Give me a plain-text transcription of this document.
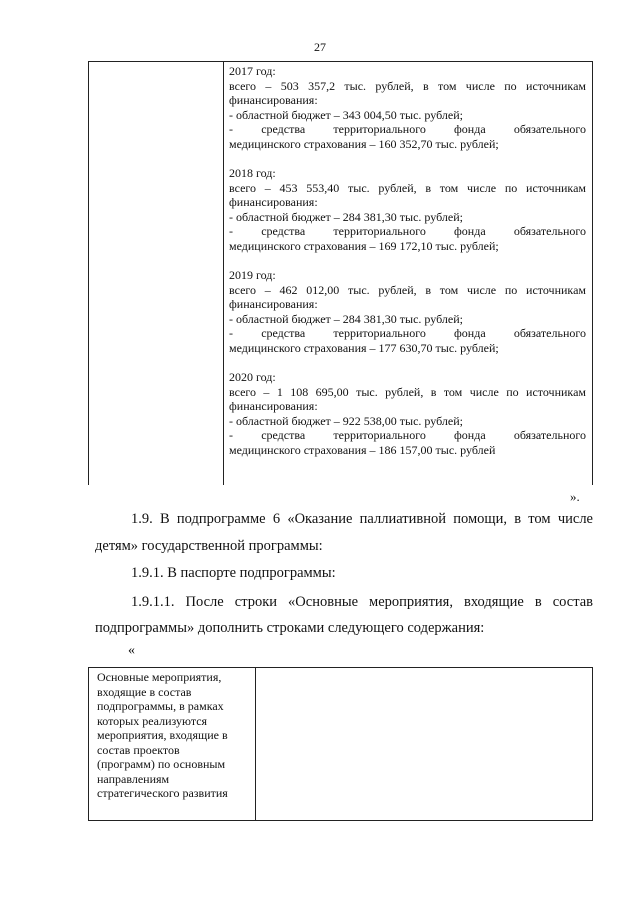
27
2017 год:
всего – 503 357,2 тыс. рублей, в том числе по источникам
финансирования:
- областной бюджет – 343 004,50 тыс. рублей;
- средства территориального фонда обязательного
медицинского страхования – 160 352,70 тыс. рублей;
2018 год:
всего – 453 553,40 тыс. рублей, в том числе по источникам
финансирования:
- областной бюджет – 284 381,30 тыс. рублей;
- средства территориального фонда обязательного
медицинского страхования – 169 172,10 тыс. рублей;
2019 год:
всего – 462 012,00 тыс. рублей, в том числе по источникам
финансирования:
- областной бюджет – 284 381,30 тыс. рублей;
- средства территориального фонда обязательного
медицинского страхования – 177 630,70 тыс. рублей;
2020 год:
всего – 1 108 695,00 тыс. рублей, в том числе по источникам
финансирования:
- областной бюджет – 922 538,00 тыс. рублей;
- средства территориального фонда обязательного
медицинского страхования – 186 157,00 тыс. рублей
».
1.9. В подпрограмме 6 «Оказание паллиативной помощи, в том числе
детям» государственной программы:
1.9.1. В паспорте подпрограммы:
1.9.1.1. После строки «Основные мероприятия, входящие в состав
подпрограммы» дополнить строками следующего содержания:
«
Основные мероприятия,
входящие в состав
подпрограммы, в рамках
которых реализуются
мероприятия, входящие в
состав проектов
(программ) по основным
направлениям
стратегического развития
